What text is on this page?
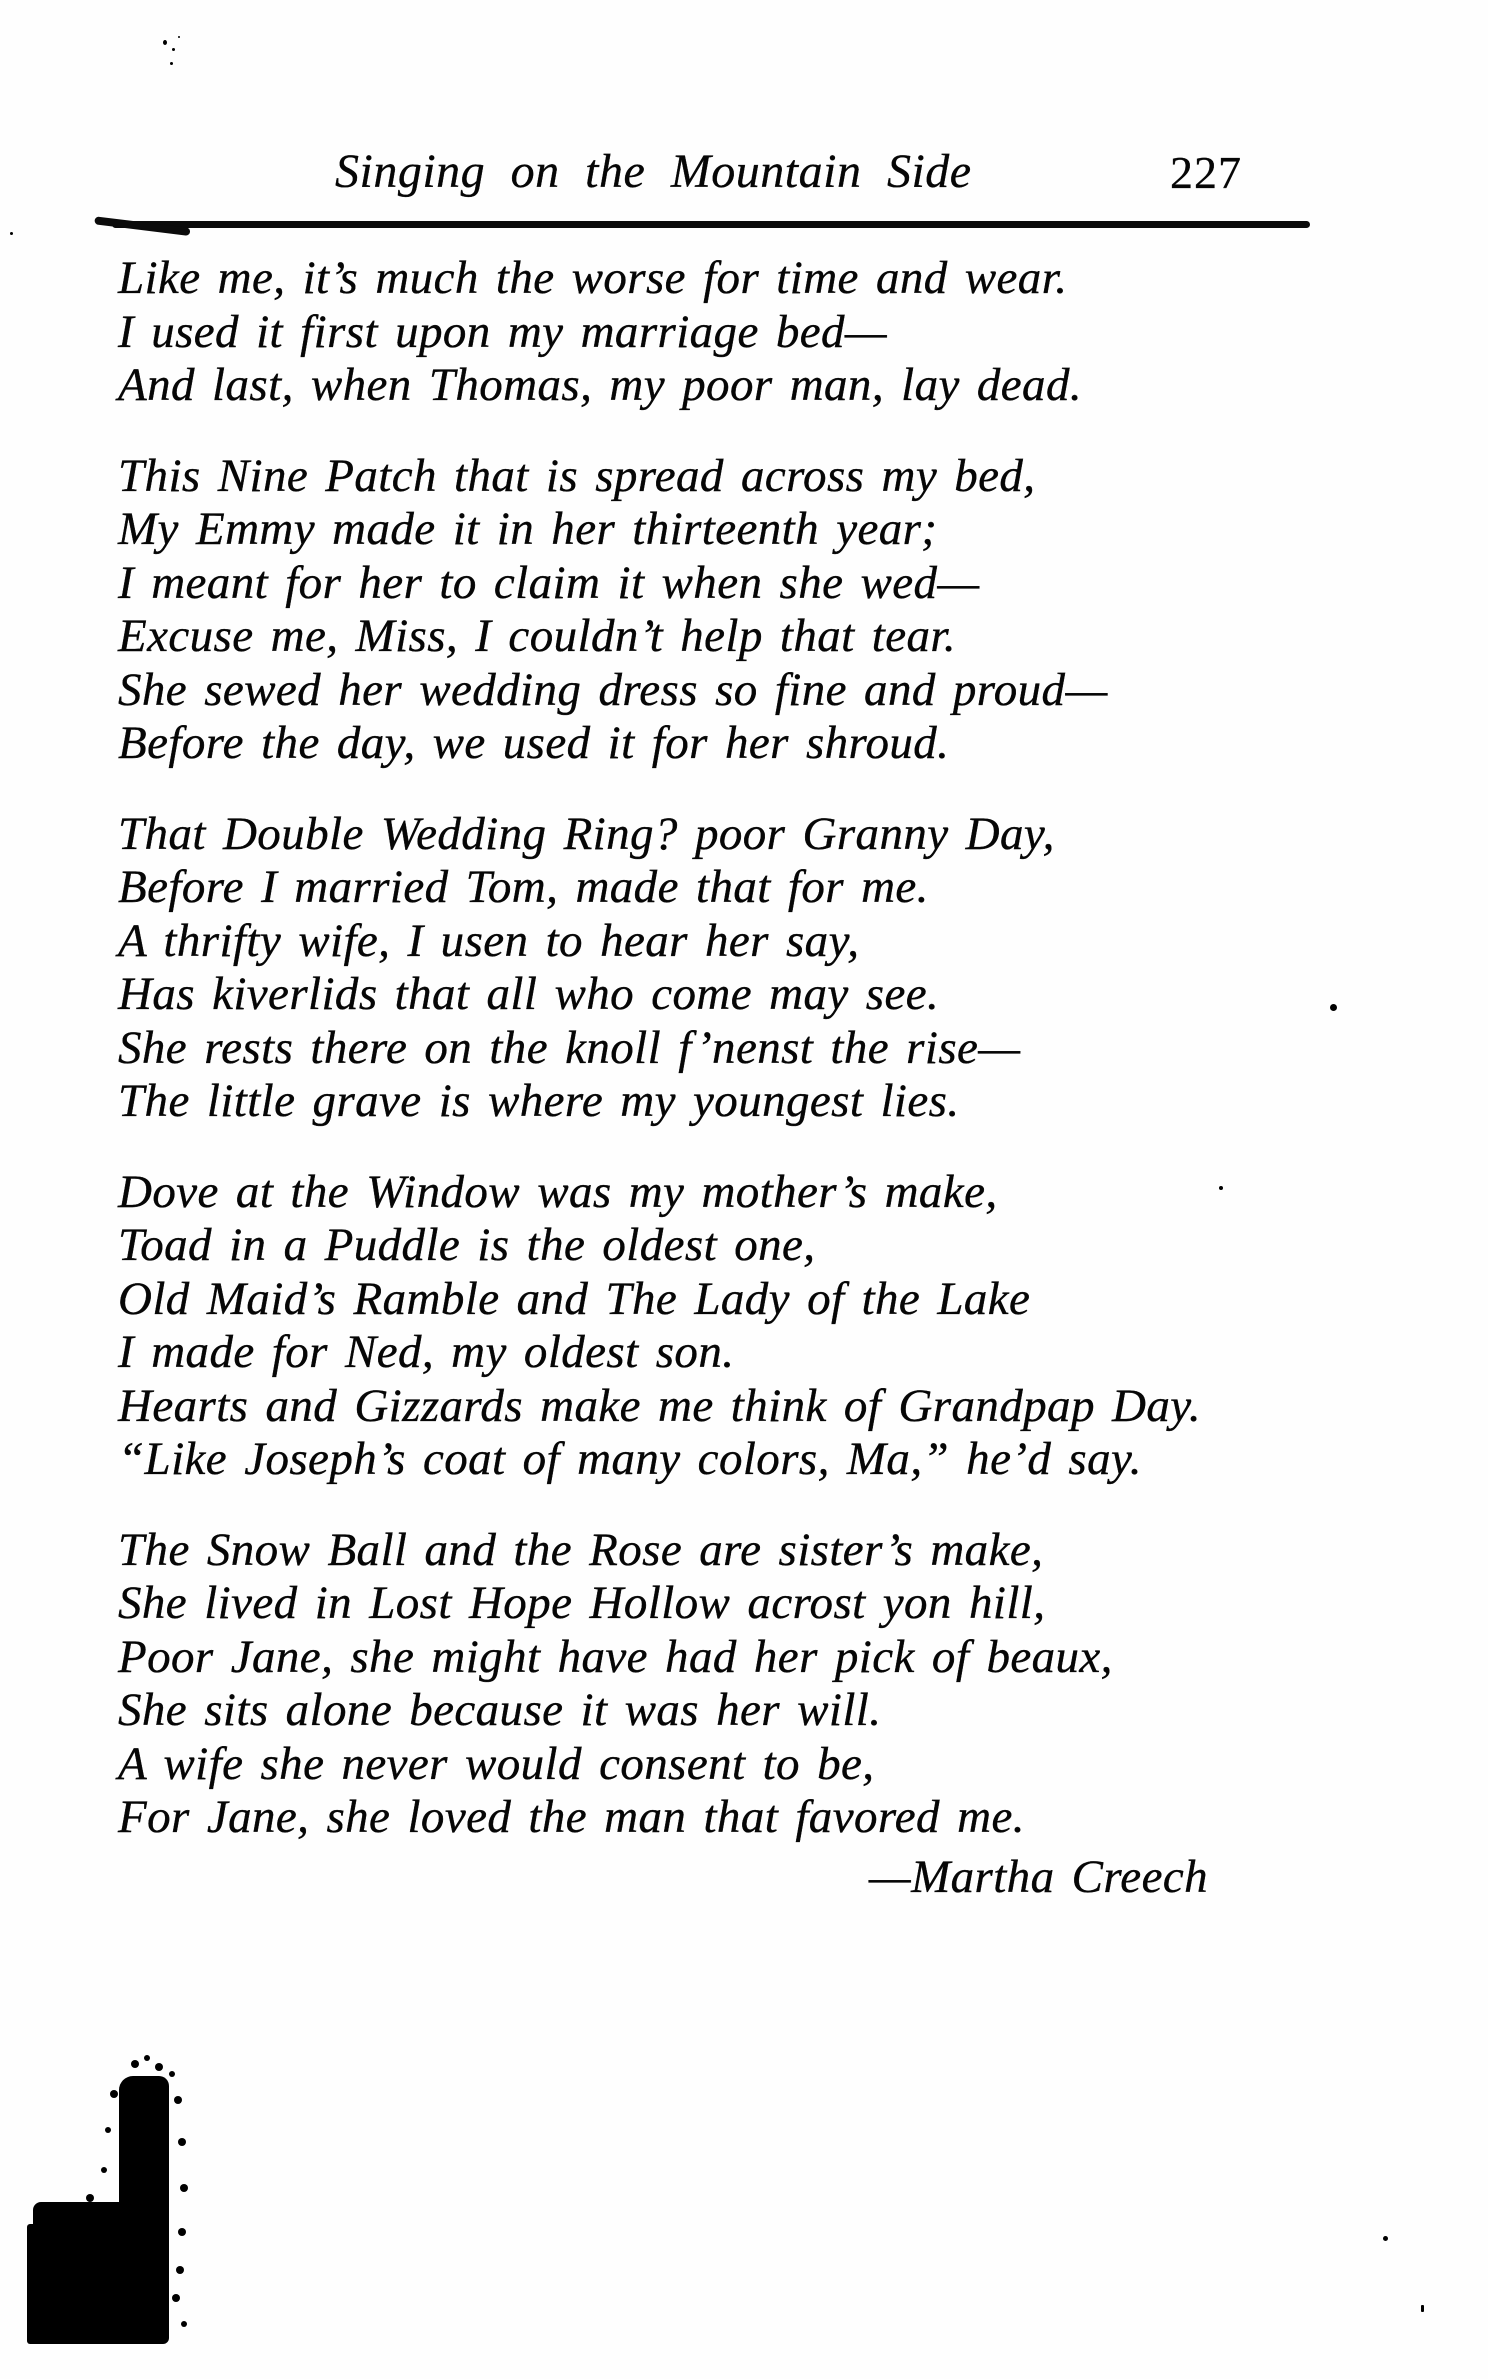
Singing on the Mountain Side	227
Like me, it’s much the worse for time and wear.
I used it first upon my marriage bed—
And last, when Thomas, my poor man, lay dead.
This Nine Patch that is spread across my bed,
My Emmy made it in her thirteenth year;
I meant for her to claim it when she wed—
Excuse me, Miss, I couldn’t help that tear.
She sewed her wedding dress so fine and proud—
Before the day, we used it for her shroud.
That Double Wedding Ring? poor Granny Day,
Before I married Tom, made that for me.
A thrifty wife, I usen to hear her say,
Has kiverlids that all who come may see.
She rests there on the knoll f’nenst the rise—
The little grave is where my youngest lies.
Dove at the Window was my mother’s make,
Toad in a Puddle is the oldest one,
Old Maid’s Ramble and The Lady of the Lake
I made for Ned, my oldest son.
Hearts and Gizzards make me think of Grandpap Day.
“Like Joseph’s coat of many colors, Ma,” he’d say.
The Snow Ball and the Rose are sister’s make,
She lived in Lost Hope Hollow acrost yon hill,
Poor Jane, she might have had her pick of beaux,
She sits alone because it was her will.
A wife she never would consent to be,
For Jane, she loved the man that favored me.
—Martha Creech
